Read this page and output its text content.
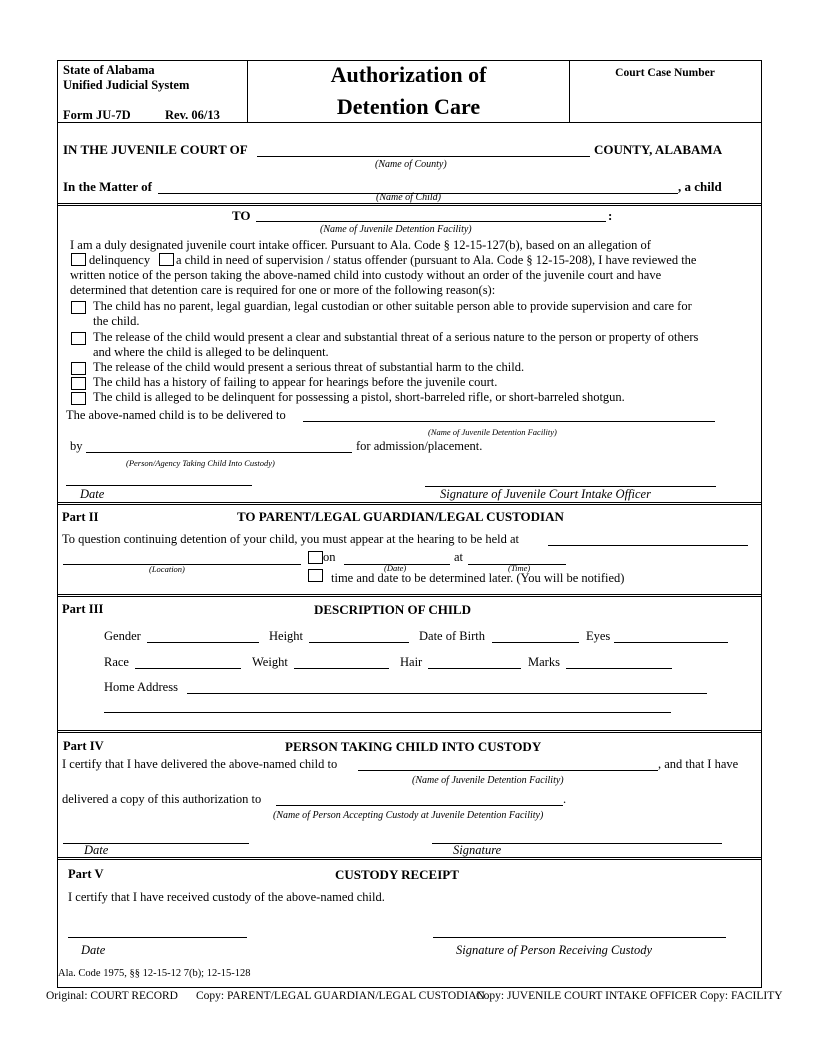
State of Alabama
Unified Judicial System
Form JU-7D	Rev. 06/13
Authorization of
Detention Care
Court Case Number
IN THE JUVENILE COURT OF	COUNTY, ALABAMA
(Name of County)
In the Matter of	, a child
(Name of Child)
TO	:
(Name of Juvenile Detention Facility)
I am a duly designated juvenile court intake officer. Pursuant to Ala. Code § 12-15-127(b), based on an allegation of
delinquency a child in need of supervision / status offender (pursuant to Ala. Code § 12-15-208), I have reviewed the
written notice of the person taking the above-named child into custody without an order of the juvenile court and have
determined that detention care is required for one or more of the following reason(s):
The child has no parent, legal guardian, legal custodian or other suitable person able to provide supervision and care for
the child.
The release of the child would present a clear and substantial threat of a serious nature to the person or property of others
and where the child is alleged to be delinquent.
The release of the child would present a serious threat of substantial harm to the child.
The child has a history of failing to appear for hearings before the juvenile court.
The child is alleged to be delinquent for possessing a pistol, short-barreled rifle, or short-barreled shotgun.
The above-named child is to be delivered to
(Name of Juvenile Detention Facility)
by	for admission/placement.
(Person/Agency Taking Child Into Custody)
Date	Signature of Juvenile Court Intake Officer
Part II	TO PARENT/LEGAL GUARDIAN/LEGAL CUSTODIAN
To question continuing detention of your child, you must appear at the hearing to be held at
on	at
(Location)	(Date)	(Time)
time and date to be determined later. (You will be notified)
Part III	DESCRIPTION OF CHILD
Gender	Height	Date of Birth	Eyes
Race	Weight	Hair	Marks
Home Address
Part IV	PERSON TAKING CHILD INTO CUSTODY
I certify that I have delivered the above-named child to	, and that I have
(Name of Juvenile Detention Facility)
delivered a copy of this authorization to	.
(Name of Person Accepting Custody at Juvenile Detention Facility)
Date	Signature
Part V	CUSTODY RECEIPT
I certify that I have received custody of the above-named child.
Date	Signature of Person Receiving Custody
Ala. Code 1975, §§ 12-15-12 7(b); 12-15-128
Original: COURT RECORD Copy: PARENT/LEGAL GUARDIAN/LEGAL CUSTODIAN
Copy: JUVENILE COURT INTAKE OFFICER Copy: FACILITY
